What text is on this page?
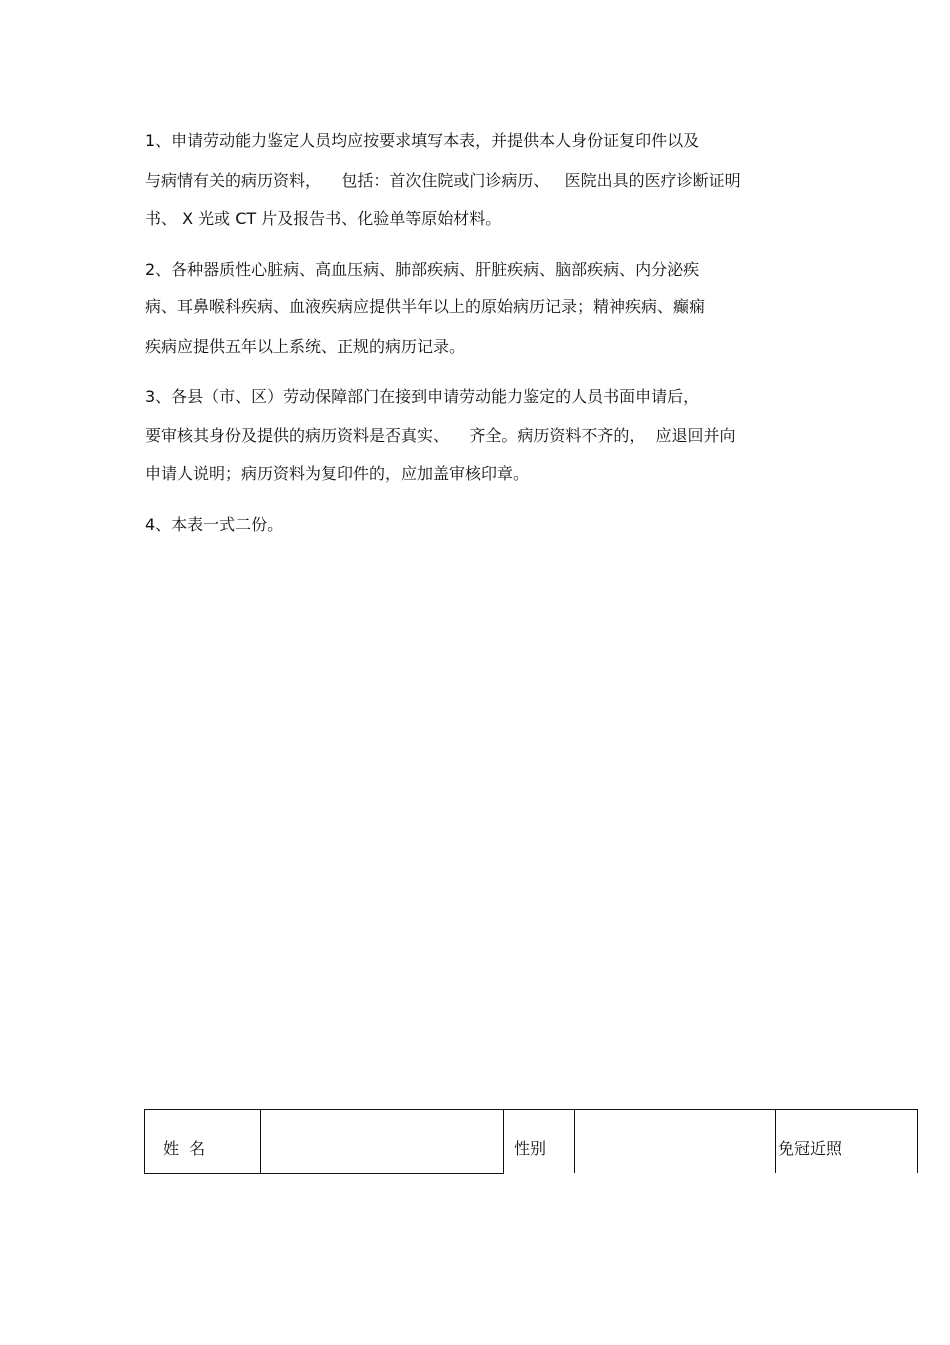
1、申请劳动能力鉴定人员均应按要求填写本表，并提供本人身份证复印件以及
与病情有关的病历资料，    包括：首次住院或门诊病历、   医院出具的医疗诊断证明
书、 X 光或 CT 片及报告书、化验单等原始材料。
2、各种器质性心脏病、高血压病、肺部疾病、肝脏疾病、脑部疾病、内分泌疾
病、耳鼻喉科疾病、血液疾病应提供半年以上的原始病历记录；精神疾病、癫痫
疾病应提供五年以上系统、正规的病历记录。
3、各县（市、区）劳动保障部门在接到申请劳动能力鉴定的人员书面申请后，
要审核其身份及提供的病历资料是否真实、    齐全。病历资料不齐的，  应退回并向
申请人说明；病历资料为复印件的，应加盖审核印章。
4、本表一式二份。
姓  名	性别	免冠近照
